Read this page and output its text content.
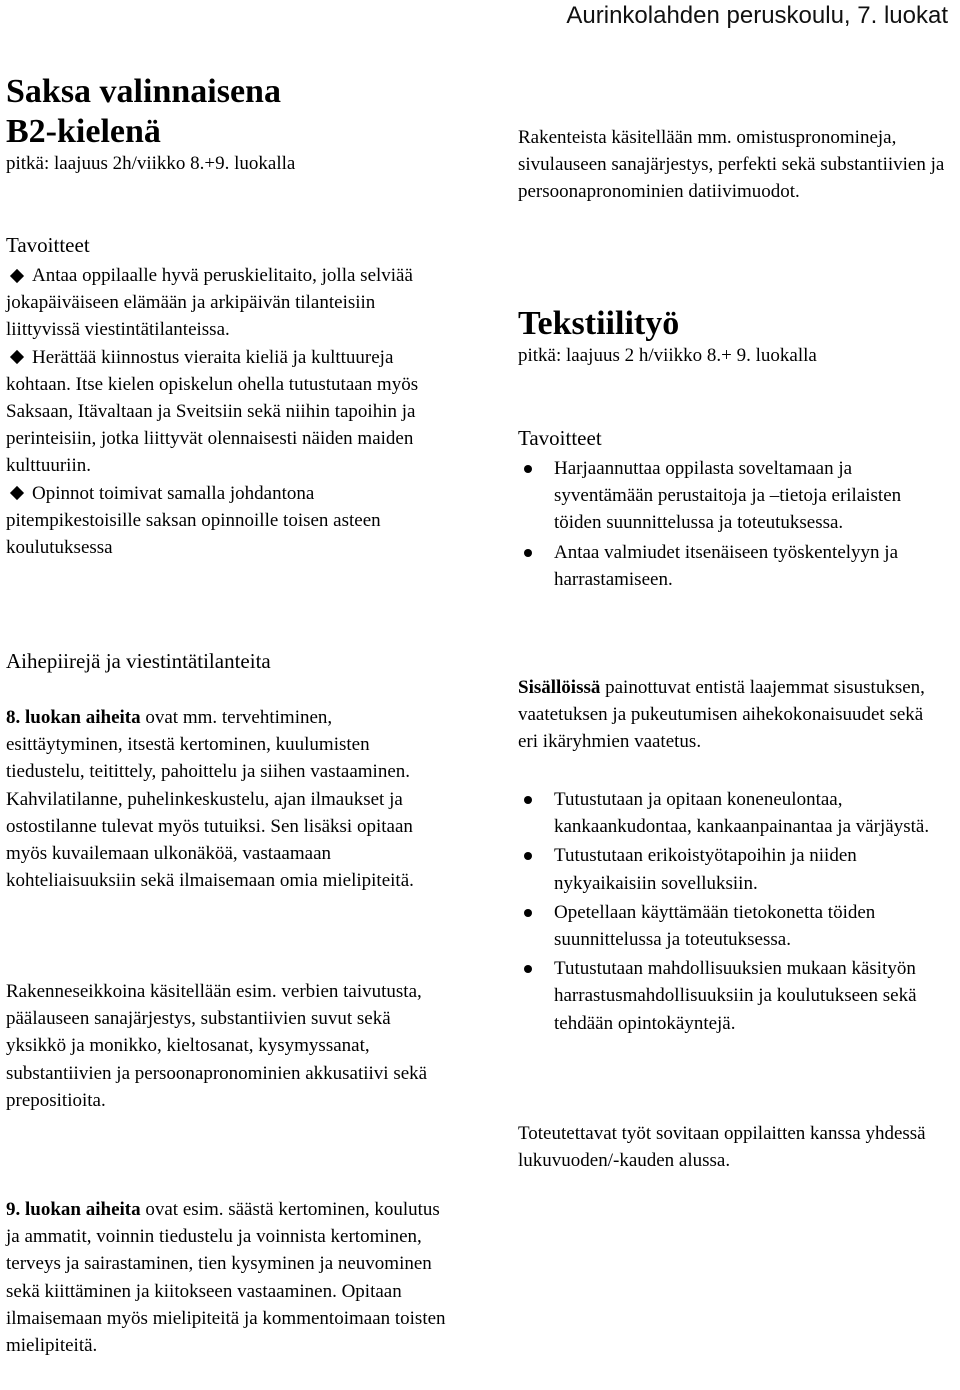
Aurinkolahden peruskoulu, 7. luokat
Saksa valinnaisena
B2-kielenä
pitkä: laajuus 2h/viikko 8.+9. luokalla
Tavoitteet
Antaa oppilaalle hyvä peruskielitaito, jolla selviää jokapäiväiseen elämään ja arkipäivän tilanteisiin liittyvissä viestintätilanteissa.
Herättää kiinnostus vieraita kieliä ja kulttuureja kohtaan. Itse kielen opiskelun ohella tutustutaan myös Saksaan, Itävaltaan ja Sveitsiin sekä niihin tapoihin ja perinteisiin, jotka liittyvät olennaisesti näiden maiden kulttuuriin.
Opinnot toimivat samalla johdantona pitempikestoisille saksan opinnoille toisen asteen koulutuksessa
Aihepiirejä ja viestintätilanteita
8. luokan aiheita ovat mm. tervehtiminen, esittäytyminen, itsestä kertominen, kuulumisten tiedustelu, teitittely, pahoittelu ja siihen vastaaminen. Kahvilatilanne, puhelinkeskustelu, ajan ilmaukset ja ostostilanne tulevat myös tutuiksi. Sen lisäksi opitaan myös kuvailemaan ulkonäköä, vastaamaan kohteliaisuuksiin sekä ilmaisemaan omia mielipiteitä.
Rakenneseikkoina käsitellään esim. verbien taivutusta, päälauseen sanajärjestys, substantiivien suvut sekä yksikkö ja monikko, kieltosanat, kysymyssanat, substantiivien ja persoonapronominien akkusatiivi sekä prepositioita.
9. luokan aiheita ovat esim. säästä kertominen, koulutus ja ammatit, voinnin tiedustelu ja voinnista kertominen, terveys ja sairastaminen, tien kysyminen ja neuvominen sekä kiittäminen ja kiitokseen vastaaminen. Opitaan ilmaisemaan myös mielipiteitä ja kommentoimaan toisten mielipiteitä.
Rakenteista käsitellään mm. omistuspronomineja, sivulauseen sanajärjestys, perfekti sekä substantiivien ja persoonapronominien datiivimuodot.
Tekstiilityö
pitkä: laajuus 2 h/viikko 8.+ 9. luokalla
Tavoitteet
Harjaannuttaa oppilasta soveltamaan ja syventämään perustaitoja ja –tietoja erilaisten töiden suunnittelussa ja toteutuksessa.
Antaa valmiudet itsenäiseen työskentelyyn ja harrastamiseen.
Sisällöissä painottuvat entistä laajemmat sisustuksen, vaatetuksen ja pukeutumisen aihekokonaisuudet sekä eri ikäryhmien vaatetus.
Tutustutaan ja opitaan koneneulontaa, kankaankudontaa, kankaanpainantaa ja värjäystä.
Tutustutaan erikoistyötapoihin ja niiden nykyaikaisiin sovelluksiin.
Opetellaan käyttämään tietokonetta töiden suunnittelussa ja toteutuksessa.
Tutustutaan mahdollisuuksien mukaan käsityön harrastusmahdollisuuksiin ja koulutukseen sekä tehdään opintokäyntejä.
Toteutettavat työt sovitaan oppilaitten kanssa yhdessä lukuvuoden/-kauden alussa.
